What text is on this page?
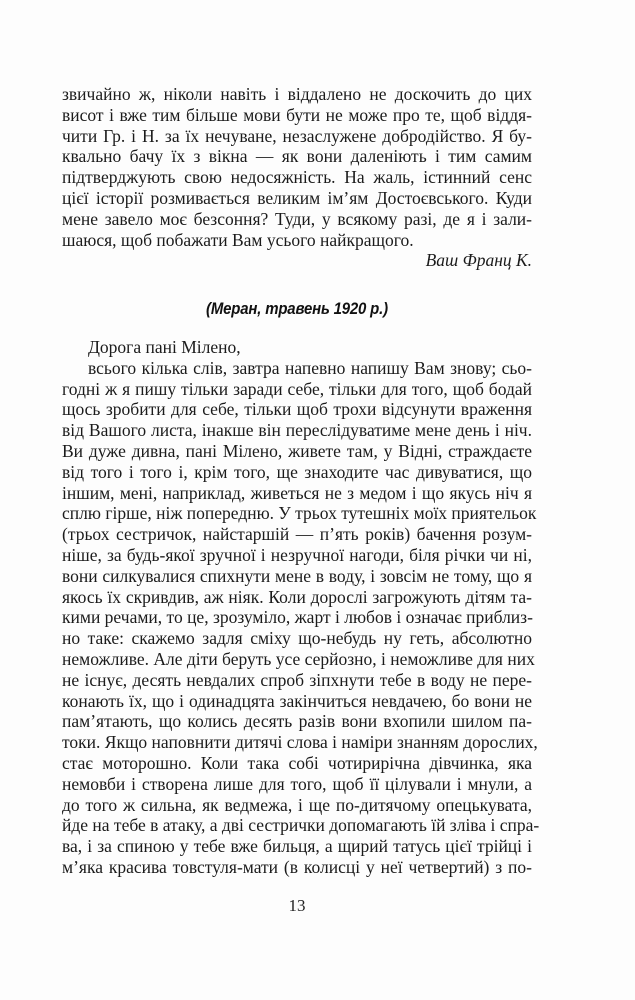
звичайно ж, ніколи навіть і віддалено не доскочить до цих
висот і вже тим більше мови бути не може про те, щоб віддя-
чити Гр. і Н. за їх нечуване, незаслужене добродійство. Я бу-
квально бачу їх з вікна — як вони даленіють і тим самим
підтверджують свою недосяжність. На жаль, істинний сенс
цієї історії розмивається великим ім’ям Достоєвського. Куди
мене завело моє безсоння? Туди, у всякому разі, де я і зали-
шаюся, щоб побажати Вам усього найкращого.
Ваш Франц К.
(Меран, травень 1920 р.)
Дорога пані Мілено,
всього кілька слів, завтра напевно напишу Вам знову; сьо-
годні ж я пишу тільки заради себе, тільки для того, щоб бодай
щось зробити для себе, тільки щоб трохи відсунути враження
від Вашого листа, інакше він переслідуватиме мене день і ніч.
Ви дуже дивна, пані Мілено, живете там, у Відні, страждаєте
від того і того і, крім того, ще знаходите час дивуватися, що
іншим, мені, наприклад, живеться не з медом і що якусь ніч я
сплю гірше, ніж попередню. У трьох тутешніх моїх приятельок
(трьох сестричок, найстаршій — п’ять років) бачення розум-
ніше, за будь-якої зручної і незручної нагоди, біля річки чи ні,
вони силкувалися спихнути мене в воду, і зовсім не тому, що я
якось їх скривдив, аж ніяк. Коли дорослі загрожують дітям та-
кими речами, то це, зрозуміло, жарт і любов і означає приблиз-
но таке: скажемо задля сміху що-небудь ну геть, абсолютно
неможливе. Але діти беруть усе серйозно, і неможливе для них
не існує, десять невдалих спроб зіпхнути тебе в воду не пере-
конають їх, що і одинадцята закінчиться невдачею, бо вони не
пам’ятають, що колись десять разів вони вхопили шилом па-
токи. Якщо наповнити дитячі слова і наміри знанням дорослих,
стає моторошно. Коли така собі чотирирічна дівчинка, яка
немовби і створена лише для того, щоб її цілували і мнули, а
до того ж сильна, як ведмежа, і ще по-дитячому опецькувата,
йде на тебе в атаку, а дві сестрички допомагають їй зліва і спра-
ва, і за спиною у тебе вже бильця, а щирий татусь цієї трійці і
м’яка красива товстуля-мати (в колисці у неї четвертий) з по-
13
